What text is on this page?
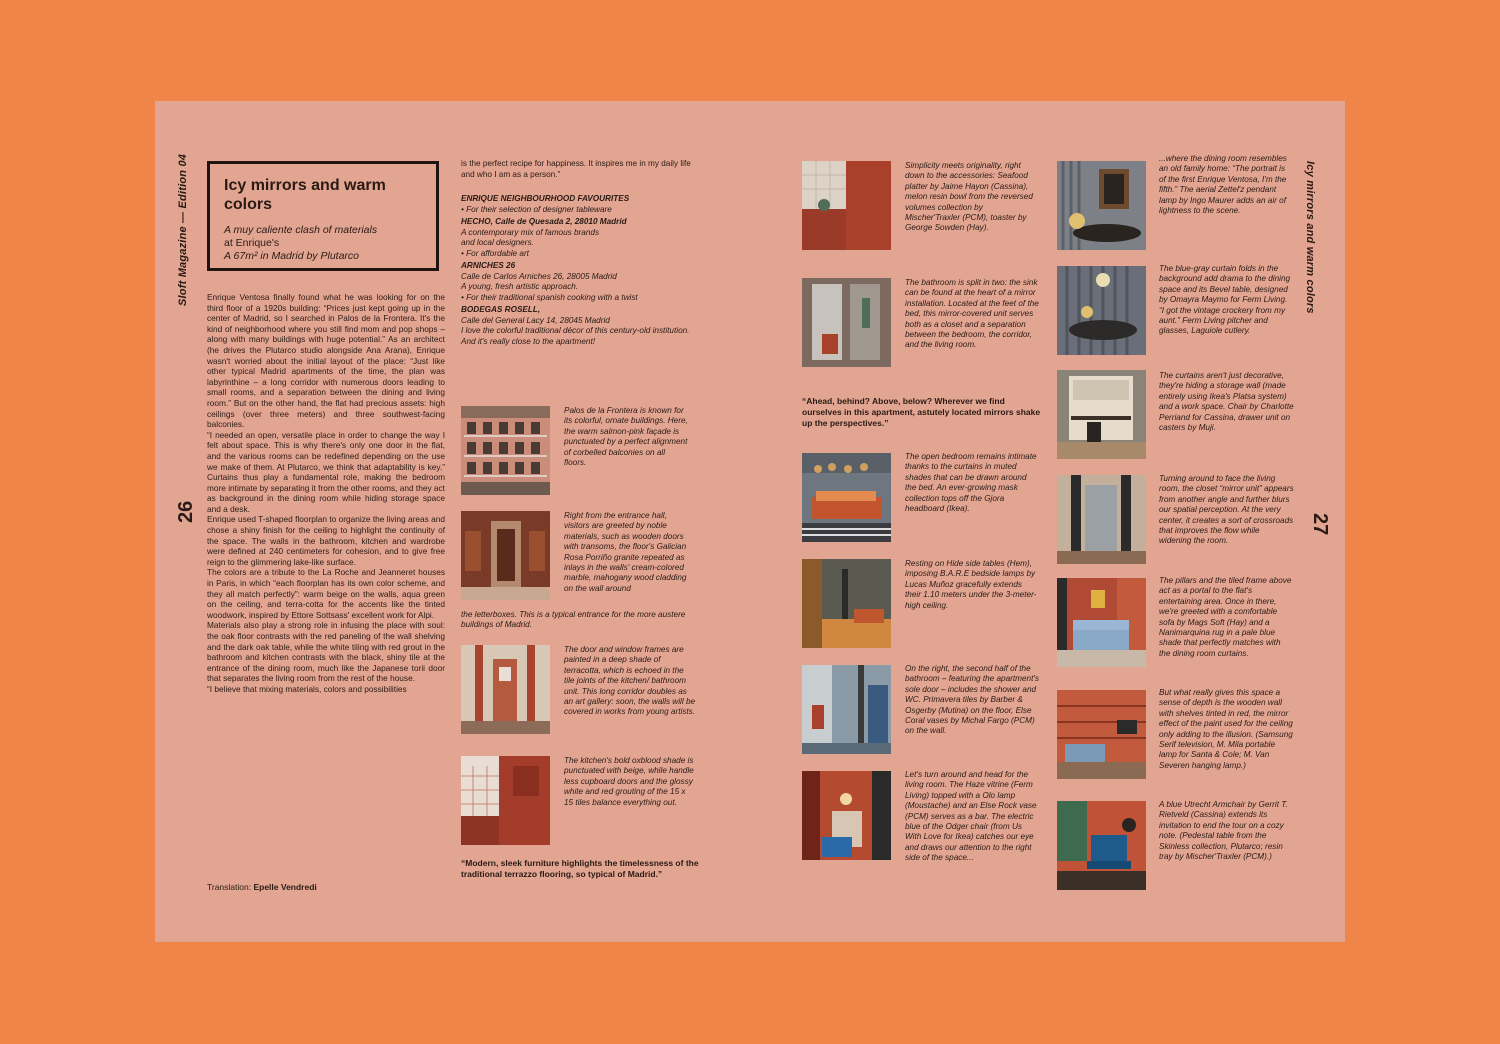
Sloft Magazine — Edition 04
26
Icy mirrors and warm colors
A muy caliente clash of materials
at Enrique's
A 67m² in Madrid by Plutarco

Enrique Ventosa finally found what he was looking for on the third floor of a 1920s building: “Prices just kept going up in the center of Madrid, so I searched in Palos de la Frontera. It's the kind of neighborhood where you still find mom and pop shops – along with many buildings with huge potential.” As an architect (he drives the Plutarco studio alongside Ana Arana), Enrique wasn't worried about the initial layout of the place: “Just like other typical Madrid apartments of the time, the plan was labyrinthine – a long corridor with numerous doors leading to small rooms, and a separation between the dining and living room.” But on the other hand, the flat had precious assets: high ceilings (over three meters) and three southwest-facing balconies.

“I needed an open, versatile place in order to change the way I felt about space. This is why there's only one door in the flat, and the various rooms can be redefined depending on the use we make of them. At Plutarco, we think that adaptability is key.” Curtains thus play a fundamental role, making the bedroom more intimate by separating it from the other rooms, and they act as background in the dining room while hiding storage space and a desk.

Enrique used T-shaped floorplan to organize the living areas and chose a shiny finish for the ceiling to highlight the continuity of the space. The walls in the bathroom, kitchen and wardrobe were defined at 240 centimeters for cohesion, and to give free reign to the glimmering lake-like surface.

The colors are a tribute to the La Roche and Jeanneret houses in Paris, in which “each floorplan has its own color scheme, and they all match perfectly”: warm beige on the walls, aqua green on the ceiling, and terra-cotta for the accents like the tinted woodwork, inspired by Ettore Sottsass' excellent work for Alpi.

Materials also play a strong role in infusing the place with soul: the oak floor contrasts with the red paneling of the wall shelving and the dark oak table, while the white tiling with red grout in the bathroom and kitchen contrasts with the black, shiny tile at the entrance of the dining room, much like the Japanese torii door that separates the living room from the rest of the house.

“I believe that mixing materials, colors and possibilities

Translation: Epelle Vendredi

is the perfect recipe for happiness. It inspires me in my daily life and who I am as a person.”

ENRIQUE NEIGHBOURHOOD FAVOURITES

• For their selection of designer tableware

HECHO, Calle de Quesada 2, 28010 Madrid

A contemporary mix of famous brands

and local designers.

• For affordable art

ARNICHES 26

Calle de Carlos Arniches 26, 28005 Madrid

A young, fresh artistic approach.

• For their traditional spanish cooking with a twist

BODEGAS ROSELL,

Calle del General Lacy 14, 28045 Madrid

I love the colorful traditional décor of this century-old institution. And it's really close to the apartment!

Palos de la Frontera is known for its colorful, ornate buildings. Here, the warm salmon-pink façade is punctuated by a perfect alignment of corbelled balconies on all floors.
Right from the entrance hall, visitors are greeted by noble materials, such as wooden doors with transoms, the floor's Galician Rosa Porriño granite repeated as inlays in the walls' cream-colored marble, mahogany wood cladding on the wall around
the letterboxes. This is a typical entrance for the more austere buildings of Madrid.
The door and window frames are painted in a deep shade of terracotta, which is echoed in the tile joints of the kitchen/ bathroom unit. This long corridor doubles as an art gallery: soon, the walls will be covered in works from young artists.
The kitchen's bold oxblood shade is punctuated with beige, while handle less cupboard doors and the glossy white and red grouting of the 15 x 15 tiles balance everything out.
“Modern, sleek furniture highlights the timelessness of the traditional terrazzo flooring, so typical of Madrid.”
Icy mirrors and warm colors
27
Simplicity meets originality, right down to the accessories: Seafood platter by Jaime Hayon (Cassina), melon resin bowl from the reversed volumes collection by Mischer'Traxler (PCM), toaster by George Sowden (Hay).
The bathroom is split in two: the sink can be found at the heart of a mirror installation. Located at the feet of the bed, this mirror-covered unit serves both as a closet and a separation between the bedroom, the corridor, and the living room.
“Ahead, behind? Above, below? Wherever we find ourselves in this apartment, astutely located mirrors shake up the perspectives.”
The open bedroom remains intimate thanks to the curtains in muted shades that can be drawn around the bed. An ever-growing mask collection tops off the Gjora headboard (Ikea).
Resting on Hide side tables (Hem), imposing B.A.R.E bedside lamps by Lucas Muñoz gracefully extends their 1.10 meters under the 3-meter-high ceiling.
On the right, the second half of the bathroom – featuring the apartment's sole door – includes the shower and WC. Primavera tiles by Barber & Osgerby (Mutina) on the floor, Else Coral vases by Michal Fargo (PCM) on the wall.
Let's turn around and head for the living room. The Haze vitrine (Ferm Living) topped with a Olo lamp (Moustache) and an Else Rock vase (PCM) serves as a bar. The electric blue of the Odger chair (from Us With Love for Ikea) catches our eye and draws our attention to the right side of the space...
...where the dining room resembles an old family home: “The portrait is of the first Enrique Ventosa, I'm the fifth.” The aerial Zettel'z pendant lamp by Ingo Maurer adds an air of lightness to the scene.
The blue-gray curtain folds in the background add drama to the dining space and its Bevel table, designed by Omayra Maymo for Ferm Living. “I got the vintage crockery from my aunt.” Ferm Living pitcher and glasses, Laguiole cutlery.
The curtains aren't just decorative, they're hiding a storage wall (made entirely using Ikea's Platsa system) and a work space. Chair by Charlotte Perriand for Cassina, drawer unit on casters by Muji.
Turning around to face the living room, the closet “mirror unit” appears from another angle and further blurs our spatial perception. At the very center, it creates a sort of crossroads that improves the flow while widening the room.
The pillars and the tiled frame above act as a portal to the flat's entertaining area. Once in there, we're greeted with a comfortable sofa by Mags Soft (Hay) and a Nanimarquina rug in a pale blue shade that perfectly matches with the dining room curtains.
But what really gives this space a sense of depth is the wooden wall with shelves tinted in red, the mirror effect of the paint used for the ceiling only adding to the illusion. (Samsung Serif television, M. Mila portable lamp for Santa & Cole; M. Van Severen hanging lamp.)
A blue Utrecht Armchair by Gerrit T. Rietveld (Cassina) extends its invitation to end the tour on a cozy note. (Pedestal table from the Skinless collection, Plutarco; resin tray by Mischer'Traxler (PCM).)
